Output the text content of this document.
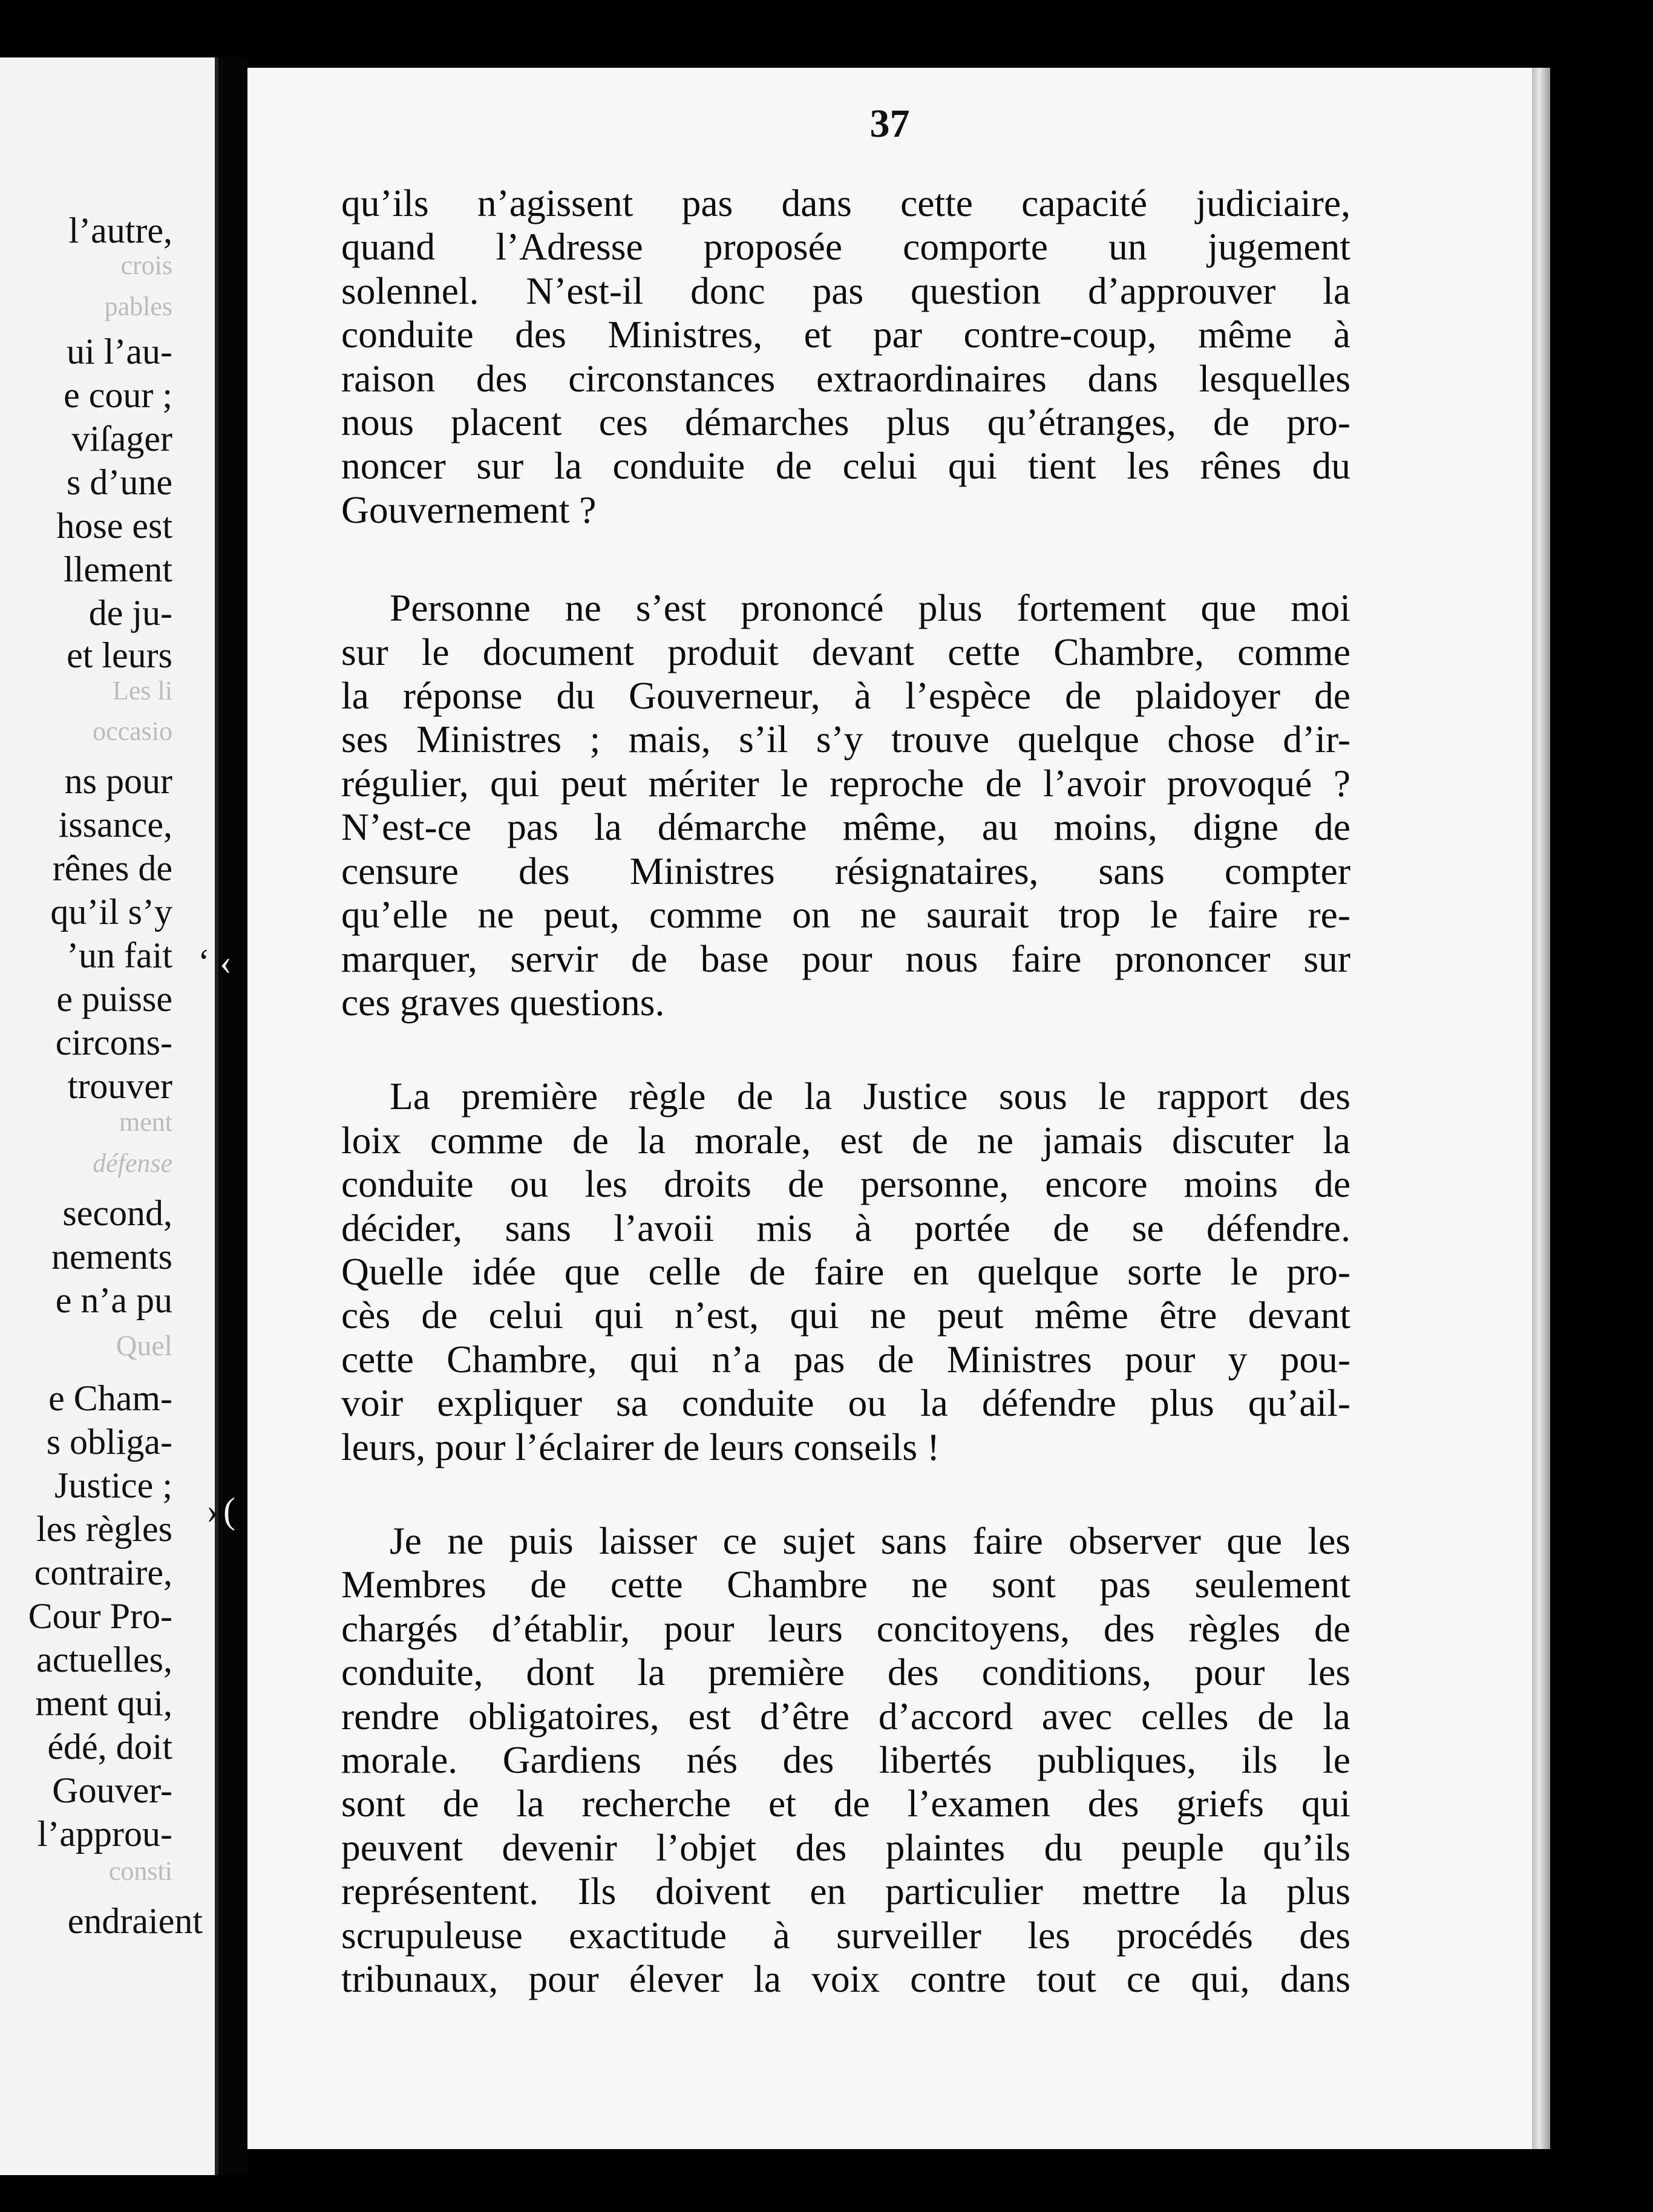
l’autre,
crois
pables
ui l’au-
e cour ;
viſager
s d’une
hose est
llement
de ju-
et leurs
Les li
occasio
ns pour
issance,
rênes de
qu’il s’y
’un fait
e puisse
circons-
trouver
ment
défense
second,
nements
e n’a pu
Quel
e Cham-
s obliga-
Justice ;
les règles
contraire,
Cour Pro-
actuelles,
ment qui,
édé, doit
Gouver-
l’approu-
consti
endraient
‘ ‹
› (
37

qu’ils n’agissent pas dans cette capacité judiciaire,

quand l’Adresse proposée comporte un jugement

solennel. N’est-il donc pas question d’approuver la

conduite des Ministres, et par contre-coup, même à

raison des circonstances extraordinaires dans lesquelles

nous placent ces démarches plus qu’étranges, de pro-

noncer sur la conduite de celui qui tient les rênes du

Gouvernement ?

Personne ne s’est prononcé plus fortement que moi

sur le document produit devant cette Chambre, comme

la réponse du Gouverneur, à l’espèce de plaidoyer de

ses Ministres ; mais, s’il s’y trouve quelque chose d’ir-

régulier, qui peut mériter le reproche de l’avoir provoqué ?

N’est-ce pas la démarche même, au moins, digne de

censure des Ministres résignataires, sans compter

qu’elle ne peut, comme on ne saurait trop le faire re-

marquer, servir de base pour nous faire prononcer sur

ces graves questions.

La première règle de la Justice sous le rapport des

loix comme de la morale, est de ne jamais discuter la

conduite ou les droits de personne, encore moins de

décider, sans l’avoii mis à portée de se défendre.

Quelle idée que celle de faire en quelque sorte le pro-

cès de celui qui n’est, qui ne peut même être devant

cette Chambre, qui n’a pas de Ministres pour y pou-

voir expliquer sa conduite ou la défendre plus qu’ail-

leurs, pour l’éclairer de leurs conseils !

Je ne puis laisser ce sujet sans faire observer que les

Membres de cette Chambre ne sont pas seulement

chargés d’établir, pour leurs concitoyens, des règles de

conduite, dont la première des conditions, pour les

rendre obligatoires, est d’être d’accord avec celles de la

morale. Gardiens nés des libertés publiques, ils le

sont de la recherche et de l’examen des griefs qui

peuvent devenir l’objet des plaintes du peuple qu’ils

représentent. Ils doivent en particulier mettre la plus

scrupuleuse exactitude à surveiller les procédés des

tribunaux, pour élever la voix contre tout ce qui, dans
